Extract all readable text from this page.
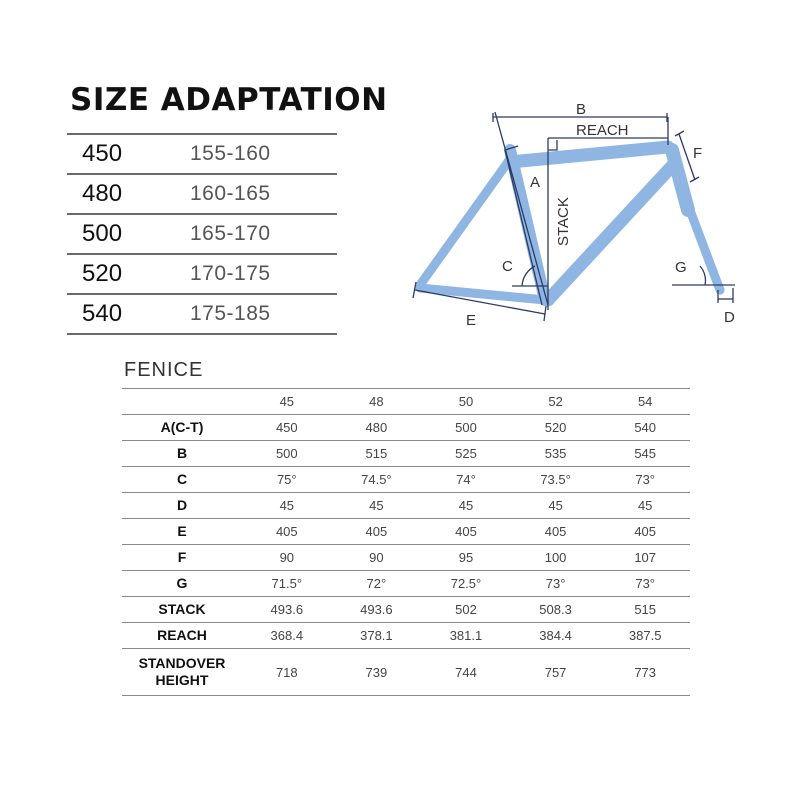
SIZE ADAPTATION
450	155-160
480	160-165
500	165-170
520	170-175
540	175-185
B
REACH
F
A
STACK
C	G
D
E
FENICE
	45	48	50	52	54
A(C-T)	450	480	500	520	540
B	500	515	525	535	545
C	75°	74.5°	74°	73.5°	73°
D	45	45	45	45	45
E	405	405	405	405	405
F	90	90	95	100	107
G	71.5°	72°	72.5°	73°	73°
STACK	493.6	493.6	502	508.3	515
REACH	368.4	378.1	381.1	384.4	387.5
STANDOVER
HEIGHT	718	739	744	757	773
